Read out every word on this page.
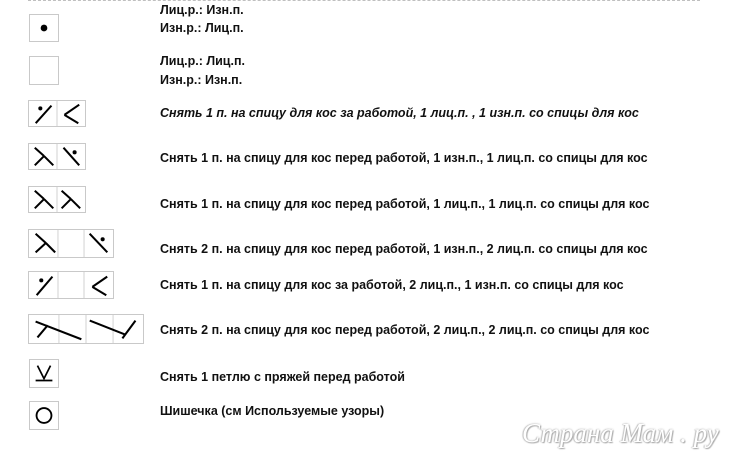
Лиц.р.: Изн.п.
Изн.р.: Лиц.п.
Лиц.р.: Лиц.п.
Изн.р.: Изн.п.
Снять 1 п. на спицу для кос за работой, 1 лиц.п. , 1 изн.п. со спицы для кос
Снять 1 п. на спицу для кос перед работой, 1 изн.п., 1 лиц.п. со спицы для кос
Снять 1 п. на спицу для кос перед работой, 1 лиц.п., 1 лиц.п. со спицы для кос
Снять 2 п. на спицу для кос перед работой, 1 изн.п., 2 лиц.п. со спицы для кос
Снять 1 п. на спицу для кос за работой, 2 лиц.п., 1 изн.п. со спицы для кос
Снять 2 п. на спицу для кос перед работой, 2 лиц.п., 2 лиц.п. со спицы для кос
Снять 1 петлю с пряжей перед работой
Шишечка (см Используемые узоры)
Страна Мам . ру
